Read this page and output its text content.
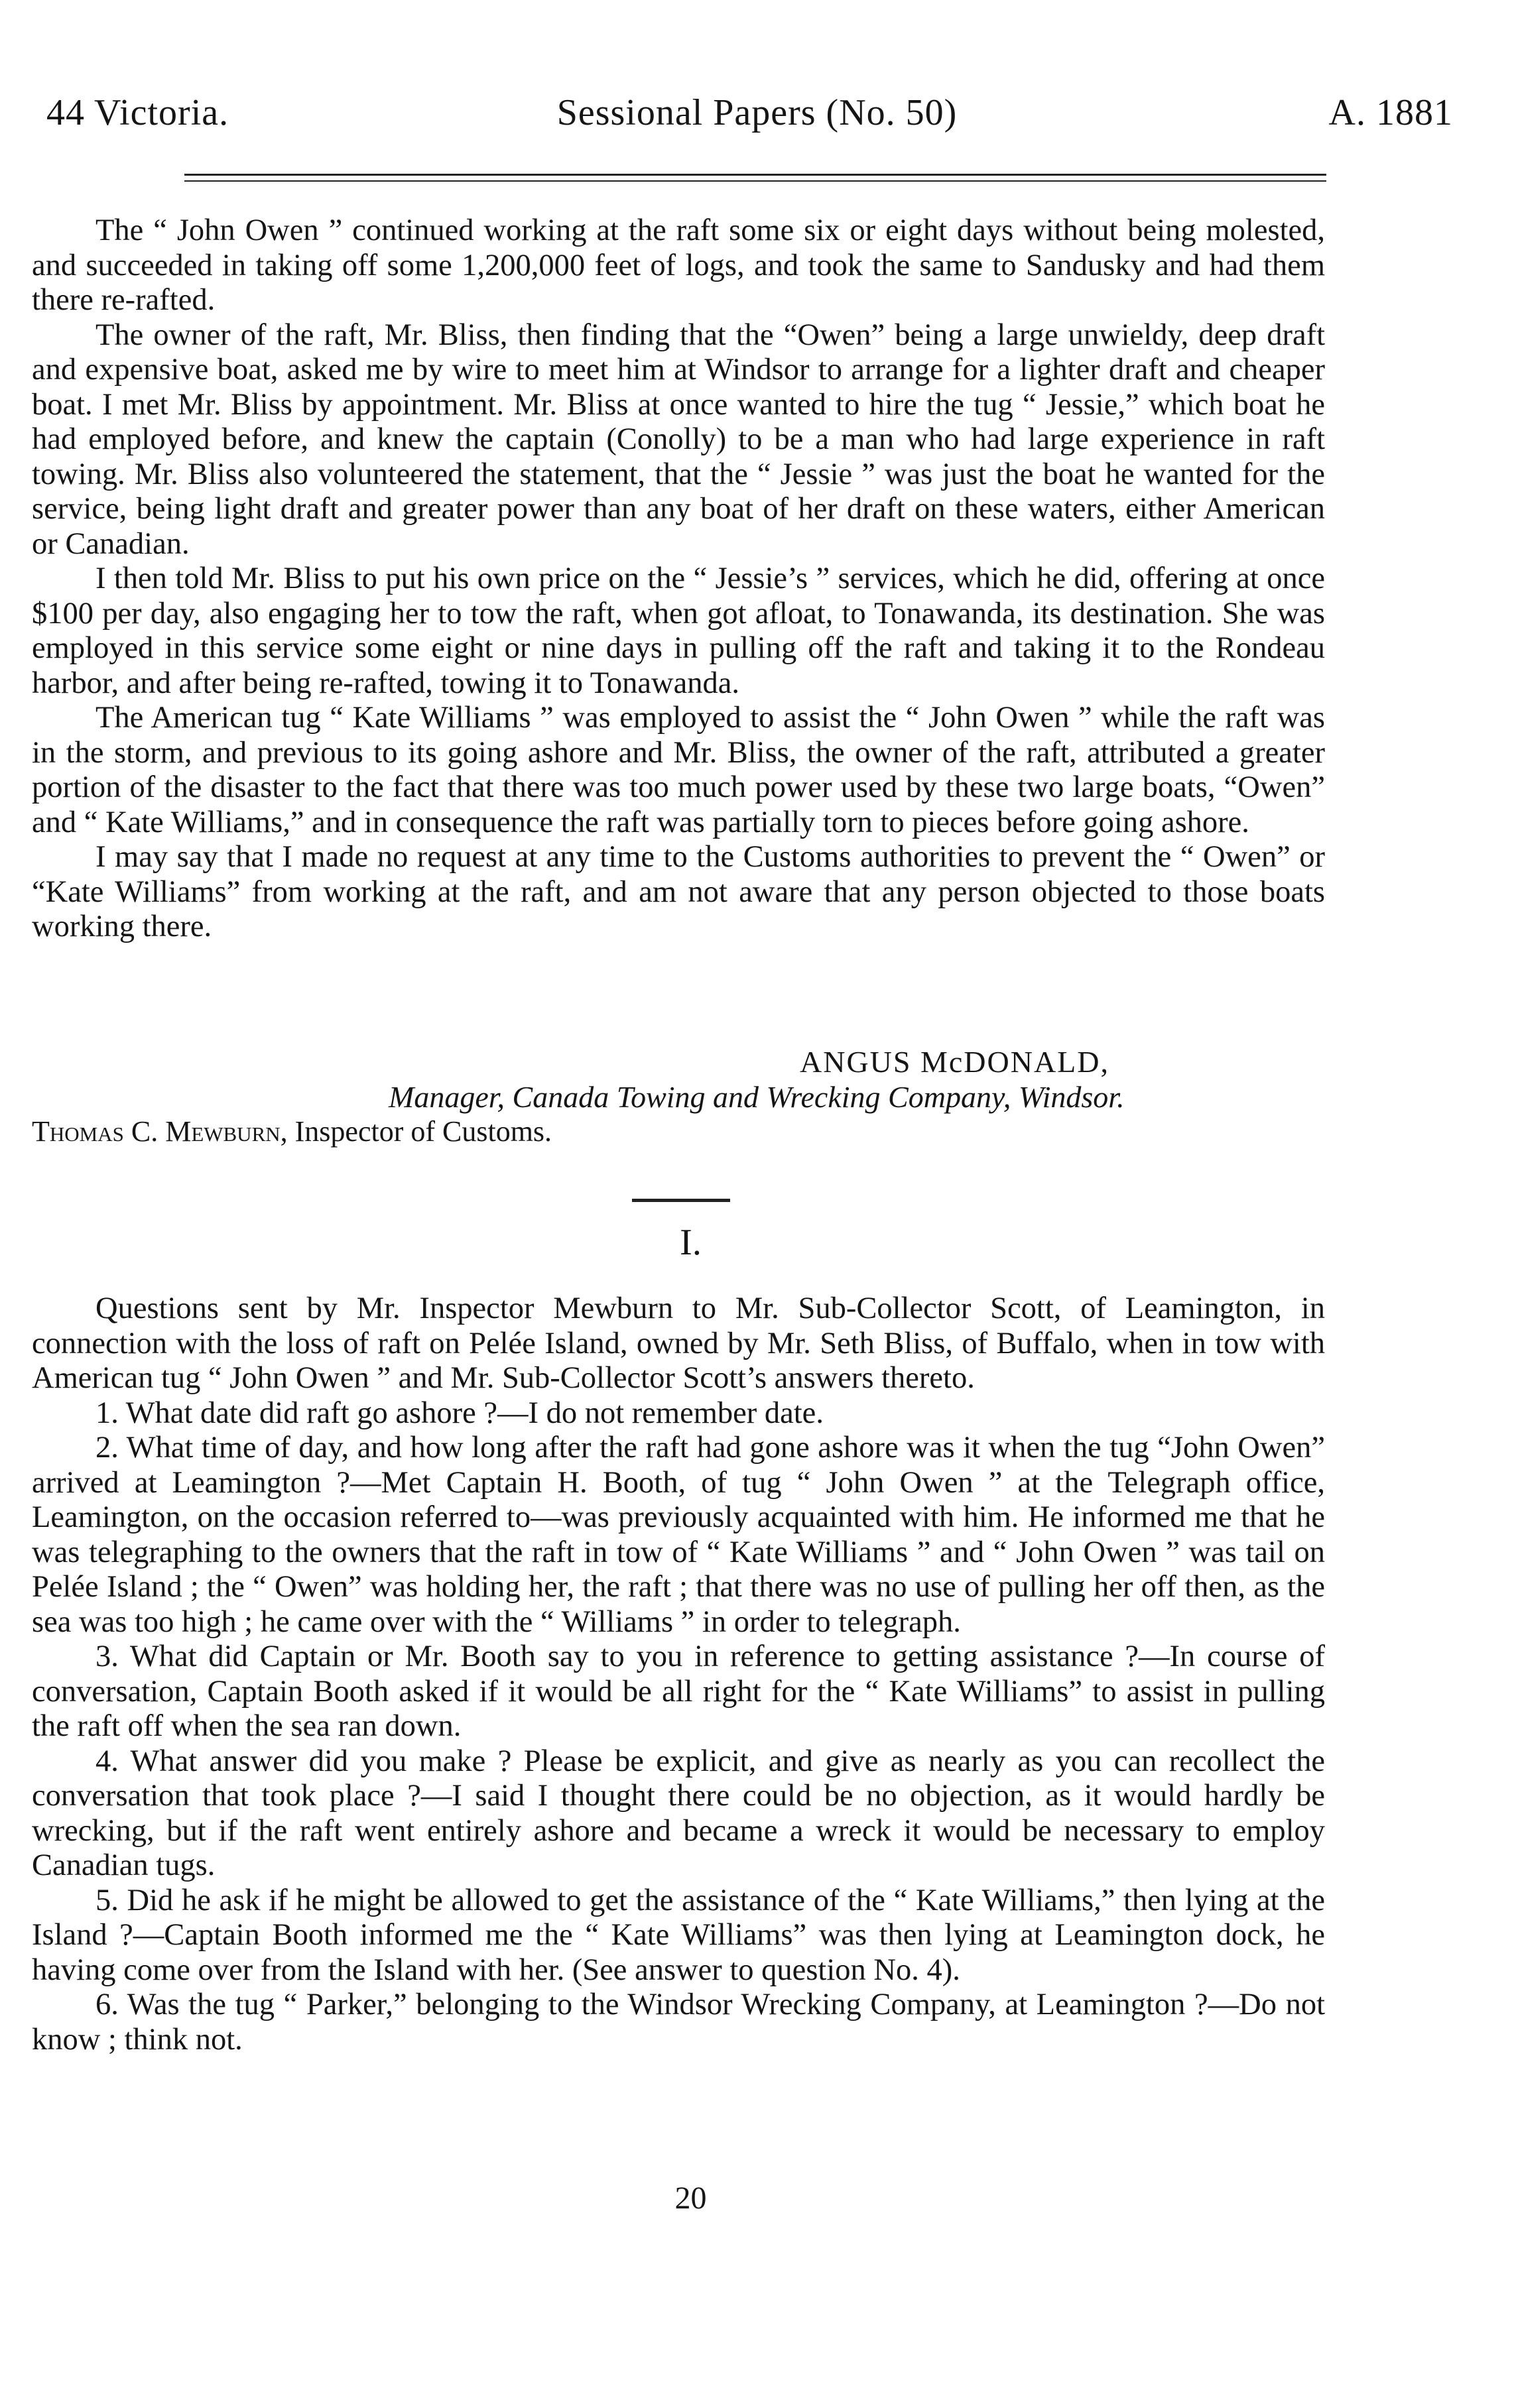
44 Victoria.	Sessional Papers (No. 50)	A. 1881

The “ John Owen ” continued working at the raft some six or eight days without being molested, and succeeded in taking off some 1,200,000 feet of logs, and took the same to Sandusky and had them there re-rafted.

The owner of the raft, Mr. Bliss, then finding that the “Owen” being a large unwieldy, deep draft and expensive boat, asked me by wire to meet him at Windsor to arrange for a lighter draft and cheaper boat. I met Mr. Bliss by appointment. Mr. Bliss at once wanted to hire the tug “ Jessie,” which boat he had employed before, and knew the captain (Conolly) to be a man who had large experience in raft towing. Mr. Bliss also volunteered the statement, that the “ Jessie ” was just the boat he wanted for the service, being light draft and greater power than any boat of her draft on these waters, either American or Canadian.

I then told Mr. Bliss to put his own price on the “ Jessie’s ” services, which he did, offering at once $100 per day, also engaging her to tow the raft, when got afloat, to Tonawanda, its destination. She was employed in this service some eight or nine days in pulling off the raft and taking it to the Rondeau harbor, and after being re-rafted, towing it to Tonawanda.

The American tug “ Kate Williams ” was employed to assist the “ John Owen ” while the raft was in the storm, and previous to its going ashore and Mr. Bliss, the owner of the raft, attributed a greater portion of the disaster to the fact that there was too much power used by these two large boats, “Owen” and “ Kate Williams,” and in consequence the raft was partially torn to pieces before going ashore.

I may say that I made no request at any time to the Customs authorities to prevent the “ Owen” or “Kate Williams” from working at the raft, and am not aware that any person objected to those boats working there.

ANGUS McDONALD,
Manager, Canada Towing and Wrecking Company, Windsor.
Thomas C. Mewburn, Inspector of Customs.
I.

Questions sent by Mr. Inspector Mewburn to Mr. Sub-Collector Scott, of Leamington, in connection with the loss of raft on Pelée Island, owned by Mr. Seth Bliss, of Buffalo, when in tow with American tug “ John Owen ” and Mr. Sub-Collector Scott’s answers thereto.

1. What date did raft go ashore ?—I do not remember date.

2. What time of day, and how long after the raft had gone ashore was it when the tug “John Owen” arrived at Leamington ?—Met Captain H. Booth, of tug “ John Owen ” at the Telegraph office, Leamington, on the occasion referred to—was previously acquainted with him. He informed me that he was telegraphing to the owners that the raft in tow of “ Kate Williams ” and “ John Owen ” was tail on Pelée Island ; the “ Owen” was holding her, the raft ; that there was no use of pulling her off then, as the sea was too high ; he came over with the “ Williams ” in order to telegraph.

3. What did Captain or Mr. Booth say to you in reference to getting assistance ?—In course of conversation, Captain Booth asked if it would be all right for the “ Kate Williams” to assist in pulling the raft off when the sea ran down.

4. What answer did you make ? Please be explicit, and give as nearly as you can recollect the conversation that took place ?—I said I thought there could be no objection, as it would hardly be wrecking, but if the raft went entirely ashore and became a wreck it would be necessary to employ Canadian tugs.

5. Did he ask if he might be allowed to get the assistance of the “ Kate Williams,” then lying at the Island ?—Captain Booth informed me the “ Kate Williams” was then lying at Leamington dock, he having come over from the Island with her. (See answer to question No. 4).

6. Was the tug “ Parker,” belonging to the Windsor Wrecking Company, at Leamington ?—Do not know ; think not.

20
